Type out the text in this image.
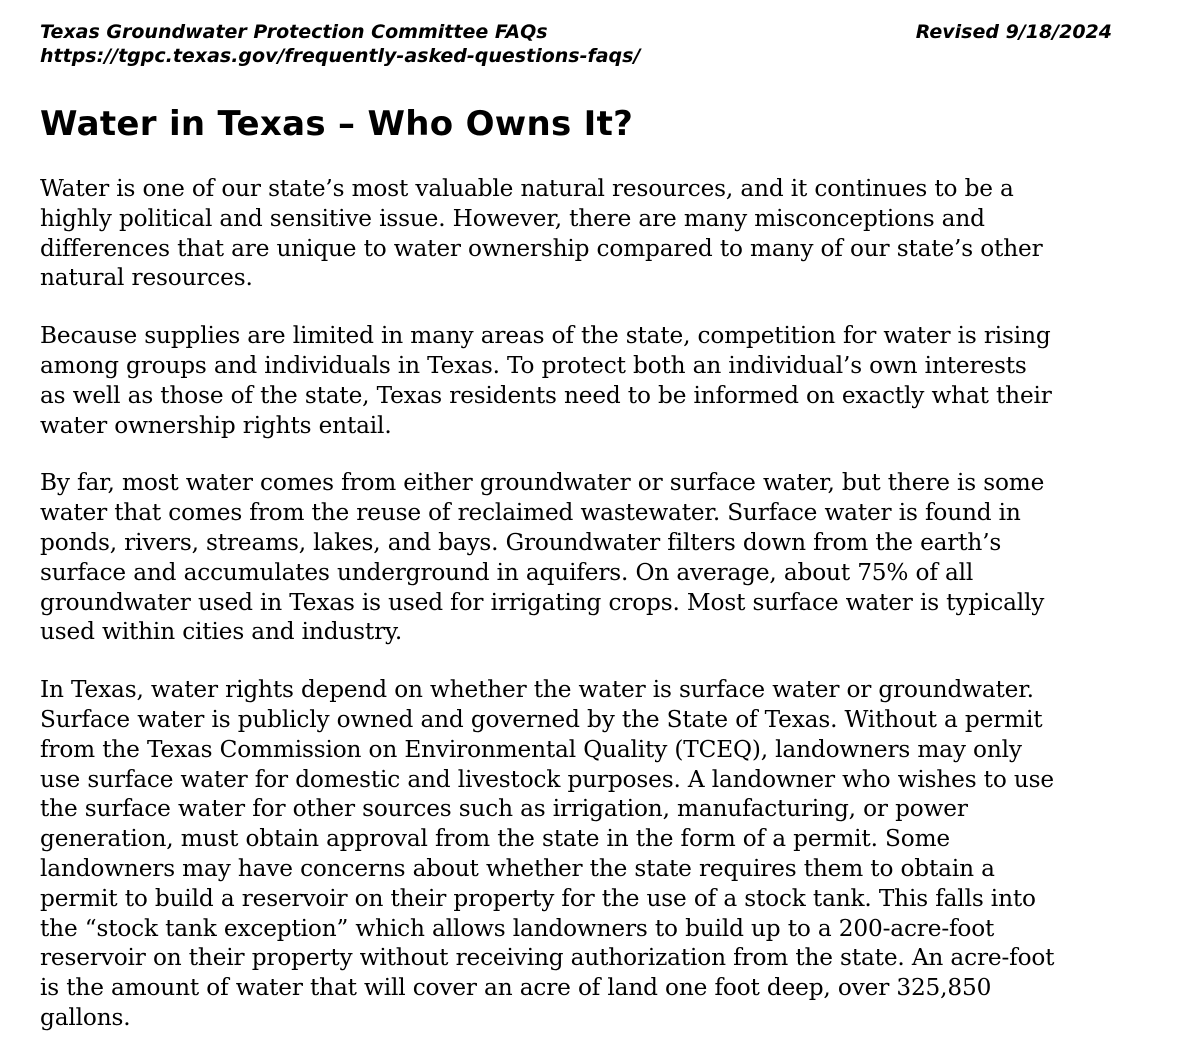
Texas Groundwater Protection Committee FAQs
https://tgpc.texas.gov/frequently-asked-questions-faqs/
Revised 9/18/2024
Water in Texas – Who Owns It?

Water is one of our state’s most valuable natural resources, and it continues to be a
highly political and sensitive issue. However, there are many misconceptions and
differences that are unique to water ownership compared to many of our state’s other
natural resources.

Because supplies are limited in many areas of the state, competition for water is rising
among groups and individuals in Texas. To protect both an individual’s own interests
as well as those of the state, Texas residents need to be informed on exactly what their
water ownership rights entail.

By far, most water comes from either groundwater or surface water, but there is some
water that comes from the reuse of reclaimed wastewater. Surface water is found in
ponds, rivers, streams, lakes, and bays. Groundwater filters down from the earth’s
surface and accumulates underground in aquifers. On average, about 75% of all
groundwater used in Texas is used for irrigating crops. Most surface water is typically
used within cities and industry.

In Texas, water rights depend on whether the water is surface water or groundwater.
Surface water is publicly owned and governed by the State of Texas. Without a permit
from the Texas Commission on Environmental Quality (TCEQ), landowners may only
use surface water for domestic and livestock purposes. A landowner who wishes to use
the surface water for other sources such as irrigation, manufacturing, or power
generation, must obtain approval from the state in the form of a permit. Some
landowners may have concerns about whether the state requires them to obtain a
permit to build a reservoir on their property for the use of a stock tank. This falls into
the “stock tank exception” which allows landowners to build up to a 200-acre-foot
reservoir on their property without receiving authorization from the state. An acre-foot
is the amount of water that will cover an acre of land one foot deep, over 325,850
gallons.
